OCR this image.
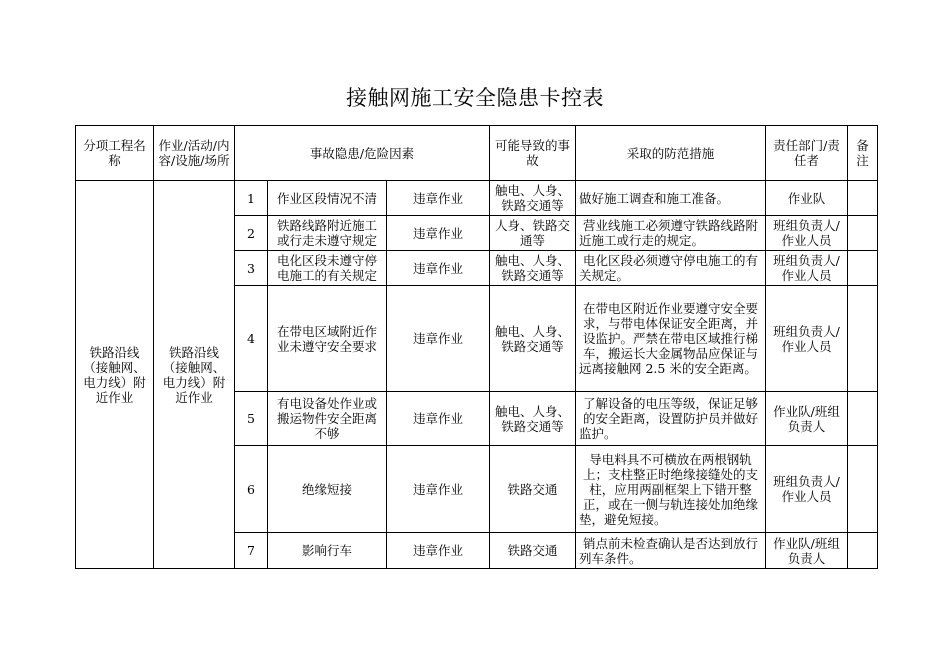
接触网施工安全隐患卡控表
分项工程名称	作业/活动/内容/设施/场所	事故隐患/危险因素			可能导致的事故	采取的防范措施	责任部门/责任者	备注
铁路沿线（接触网、电力线）附近作业	铁路沿线（接触网、电力线）附近作业	1	作业区段情况不清	违章作业	触电、人身、铁路交通等	做好施工调查和施工准备。	作业队	
		2	铁路线路附近施工或行走未遵守规定	违章作业	人身、铁路交通等	营业线施工必须遵守铁路线路附近施工或行走的规定。	班组负责人/作业人员	
		3	电化区段未遵守停电施工的有关规定	违章作业	触电、人身、铁路交通等	电化区段必须遵守停电施工的有关规定。	班组负责人/作业人员	
		4	在带电区域附近作业未遵守安全要求	违章作业	触电、人身、铁路交通等	在带电区附近作业要遵守安全要求，与带电体保证安全距离，并设监护。严禁在带电区域推行梯车，搬运长大金属物品应保证与远离接触网 2.5 米的安全距离。	班组负责人/作业人员	
		5	有电设备处作业或搬运物件安全距离不够	违章作业	触电、人身、铁路交通等	了解设备的电压等级，保证足够的安全距离，设置防护员并做好监护。	作业队/班组负责人	
		6	绝缘短接	违章作业	铁路交通	导电料具不可横放在两根钢轨上；支柱整正时绝缘接缝处的支柱，应用两副框架上下错开整正，或在一侧与轨连接处加绝缘垫，避免短接。	班组负责人/作业人员	
		7	影响行车	违章作业	铁路交通	销点前未检查确认是否达到放行列车条件。	作业队/班组负责人	
